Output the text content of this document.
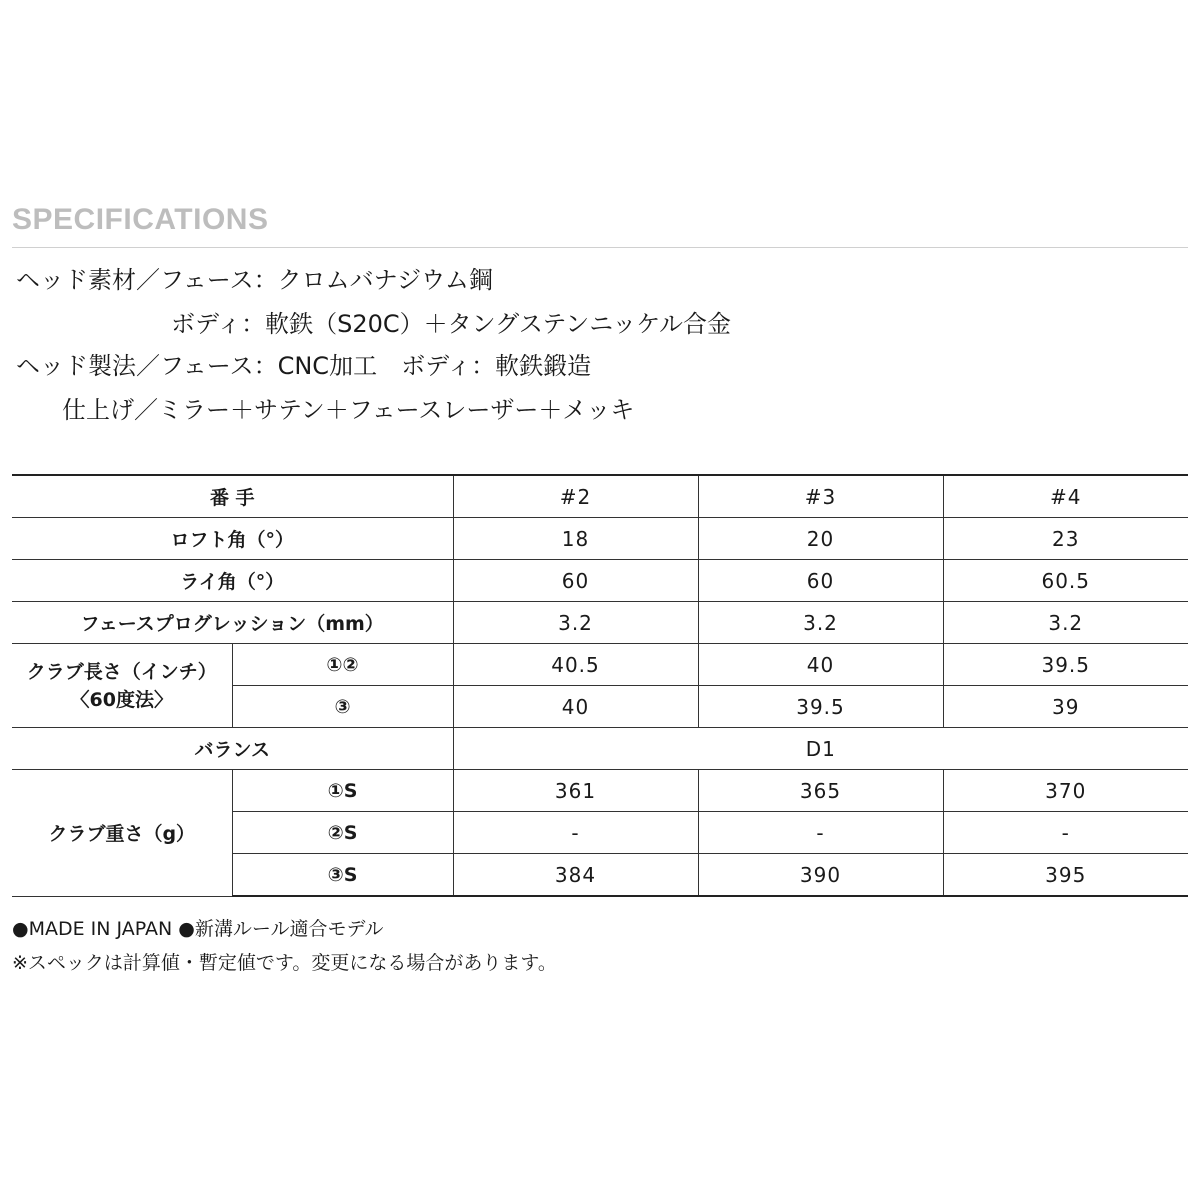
SPECIFICATIONS
ヘッド素材／フェース：クロムバナジウム鋼
ボディ：軟鉄（S20C）＋タングステンニッケル合金
ヘッド製法／フェース：CNC加工　ボディ：軟鉄鍛造
仕上げ／ミラー＋サテン＋フェースレーザー＋メッキ
番 手		#2	#3	#4
ロフト角（°）		18	20	23
ライ角（°）		60	60	60.5
フェースプログレッション（mm）		3.2	3.2	3.2

クラブ長さ（インチ）
〈60度法〉	①②	40.5	40	39.5
	③	40	39.5	39
バランス		D1		
クラブ重さ（g）	①S	361	365	370
	②S	-	-	-
	③S	384	390	395
●MADE IN JAPAN ●新溝ルール適合モデル
※スペックは計算値・暫定値です。変更になる場合があります。
